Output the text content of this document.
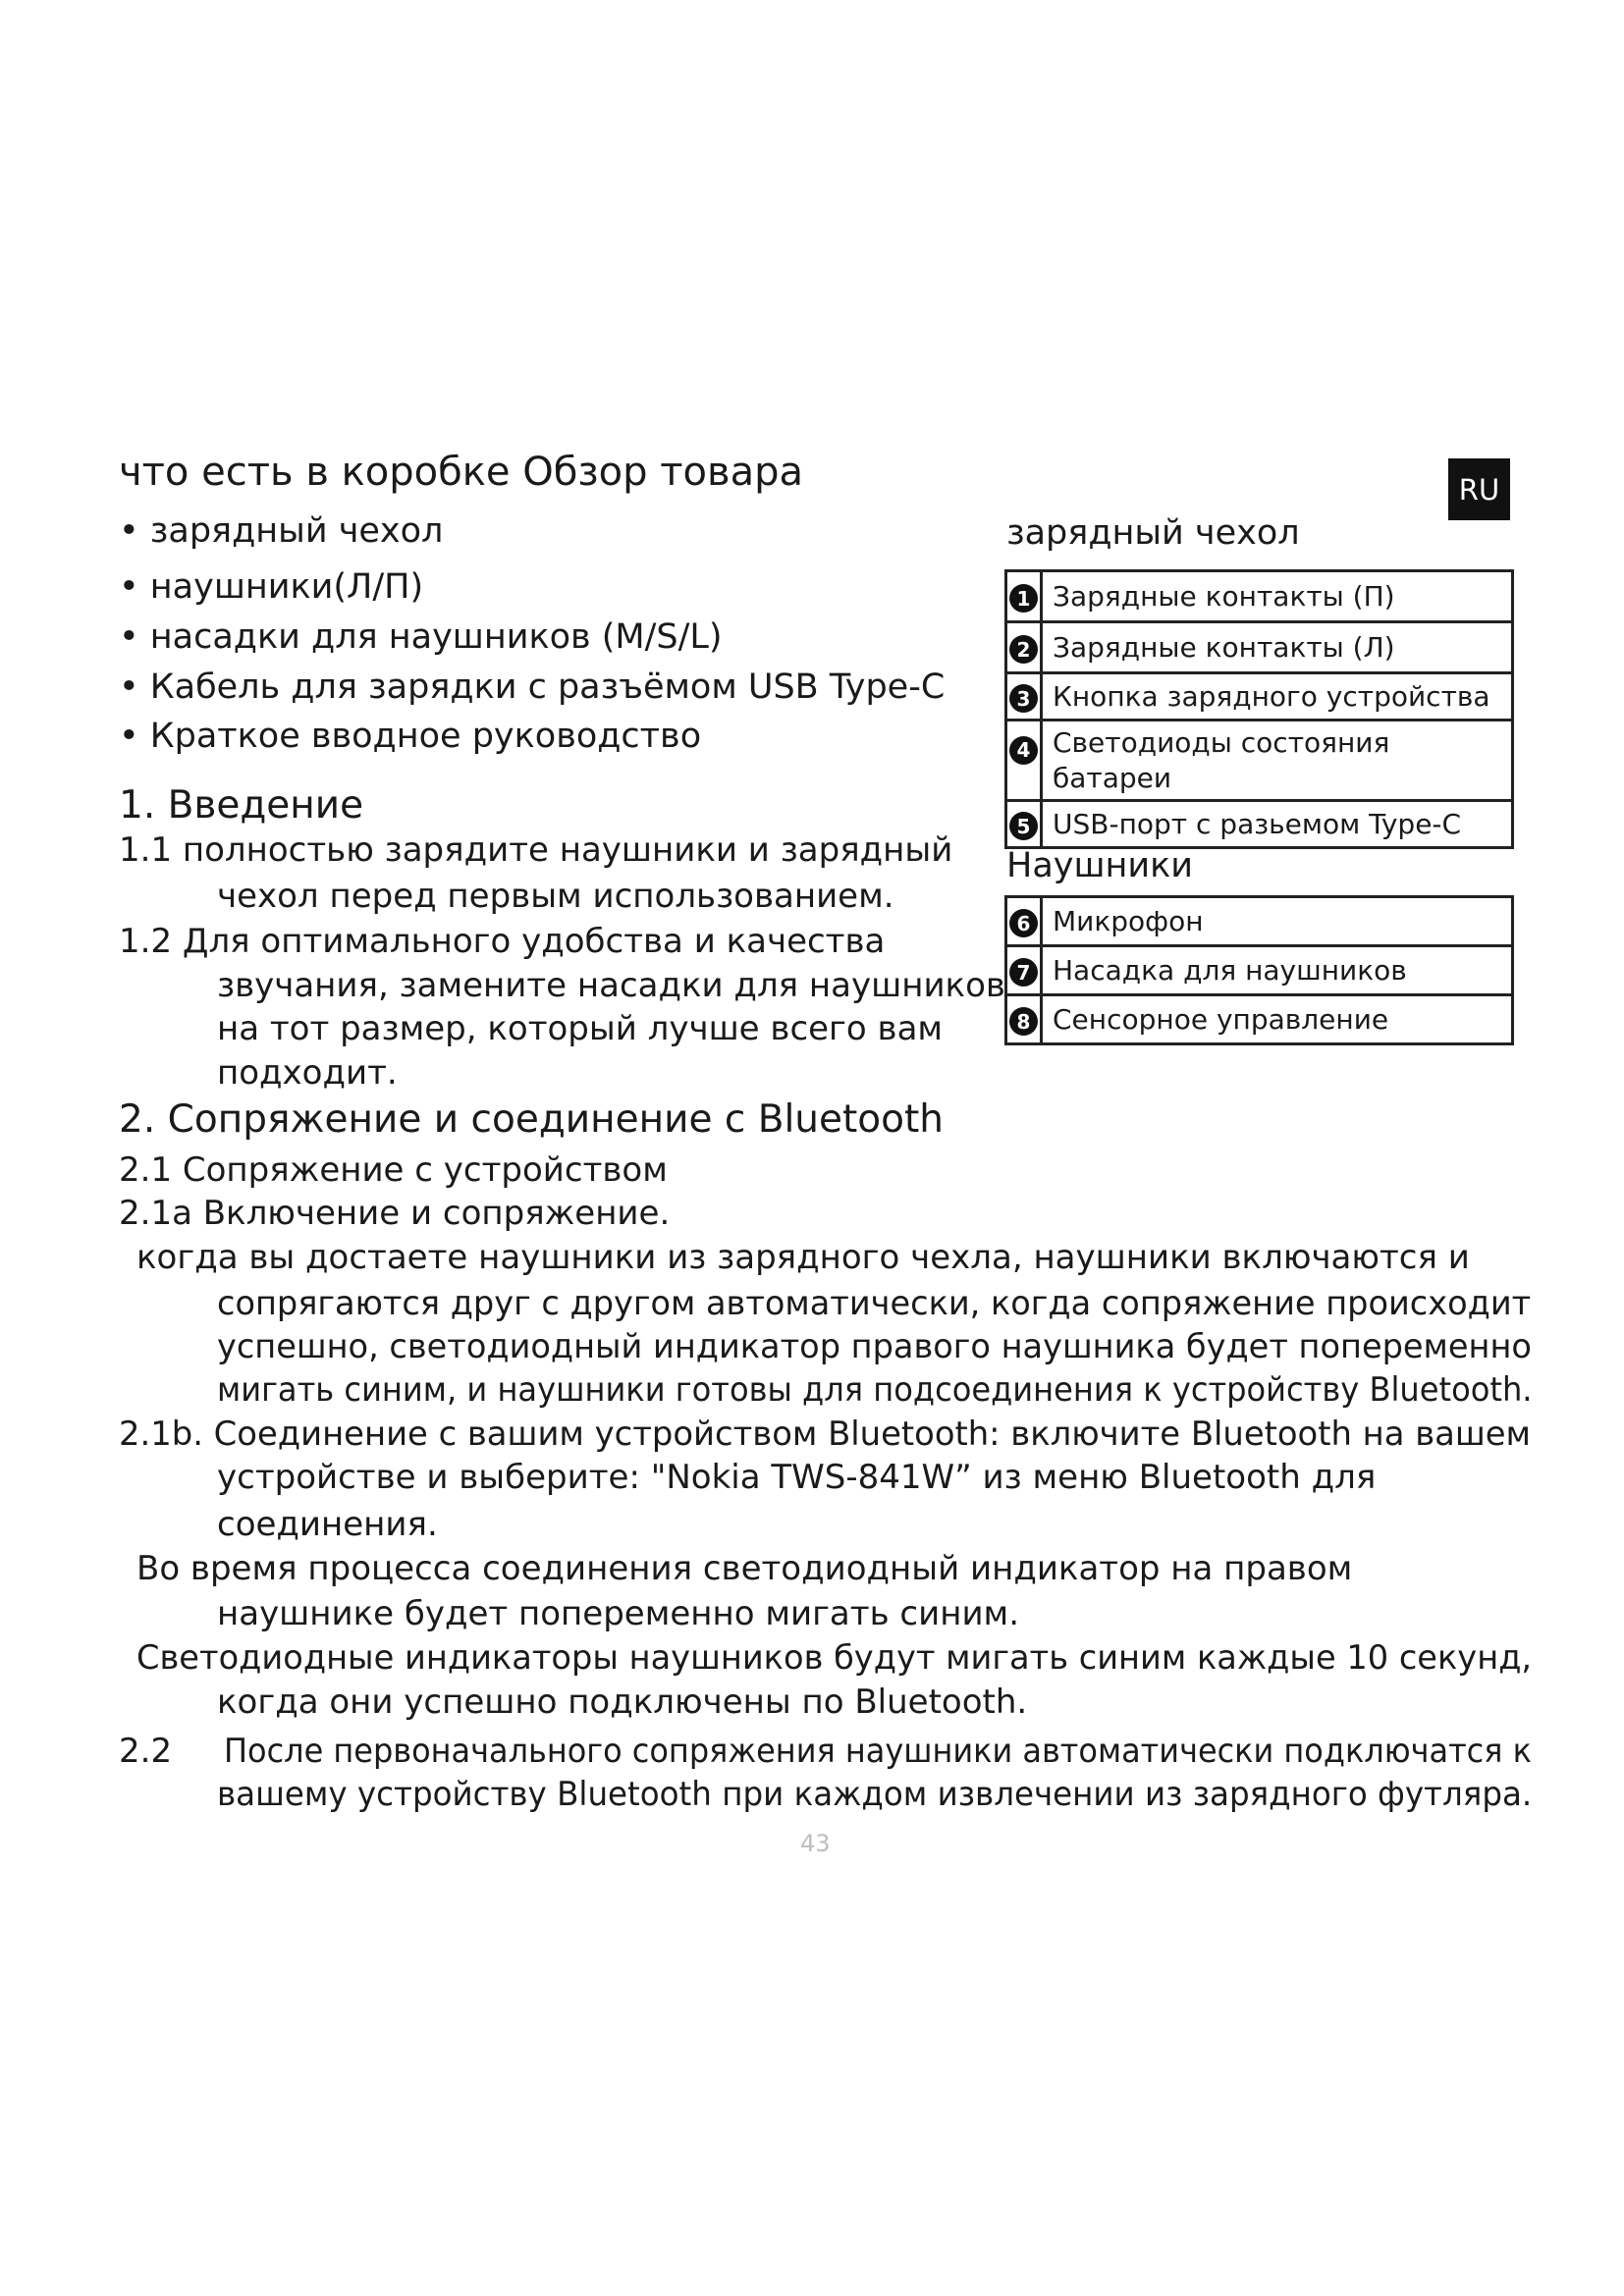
что есть в коробке Обзор товара	RU
• зарядный чехол
• наушники(Л/П)
• насадки для наушников (M/S/L)
• Кабель для зарядки с разъёмом USB Type-C
• Краткое вводное руководство
1. Введение
1.1 полностью зарядите наушники и зарядный
чехол перед первым использованием.
1.2 Для оптимального удобства и качества
звучания, замените насадки для наушников
на тот размер, который лучше всего вам
подходит.
зарядный чехол
1	Зарядные контакты (П)
2	Зарядные контакты (Л)
3	Кнопка зарядного устройства
4	Светодиоды состояния батареи
5	USB-порт с разьемом Type-C
Наушники
6	Микрофон
7	Насадка для наушников
8	Сенсорное управление
2. Сопряжение и соединение с Bluetooth
2.1 Сопряжение с устройством
2.1a Включение и сопряжение.
когда вы достаете наушники из зарядного чехла, наушники включаются и
сопрягаются друг с другом автоматически, когда сопряжение происходит
успешно, светодиодный индикатор правого наушника будет попеременно
мигать синим, и наушники готовы для подсоединения к устройству Bluetooth.
2.1b. Соединение с вашим устройством Bluetooth: включите Bluetooth на вашем
устройстве и выберите: "Nokia TWS-841W” из меню Bluetooth для
соединения.
Во время процесса соединения светодиодный индикатор на правом
наушнике будет попеременно мигать синим.
Светодиодные индикаторы наушников будут мигать синим каждые 10 секунд,
когда они успешно подключены по Bluetooth.
2.2 После первоначального сопряжения наушники автоматически подключатся к
вашему устройству Bluetooth при каждом извлечении из зарядного футляра.
43
